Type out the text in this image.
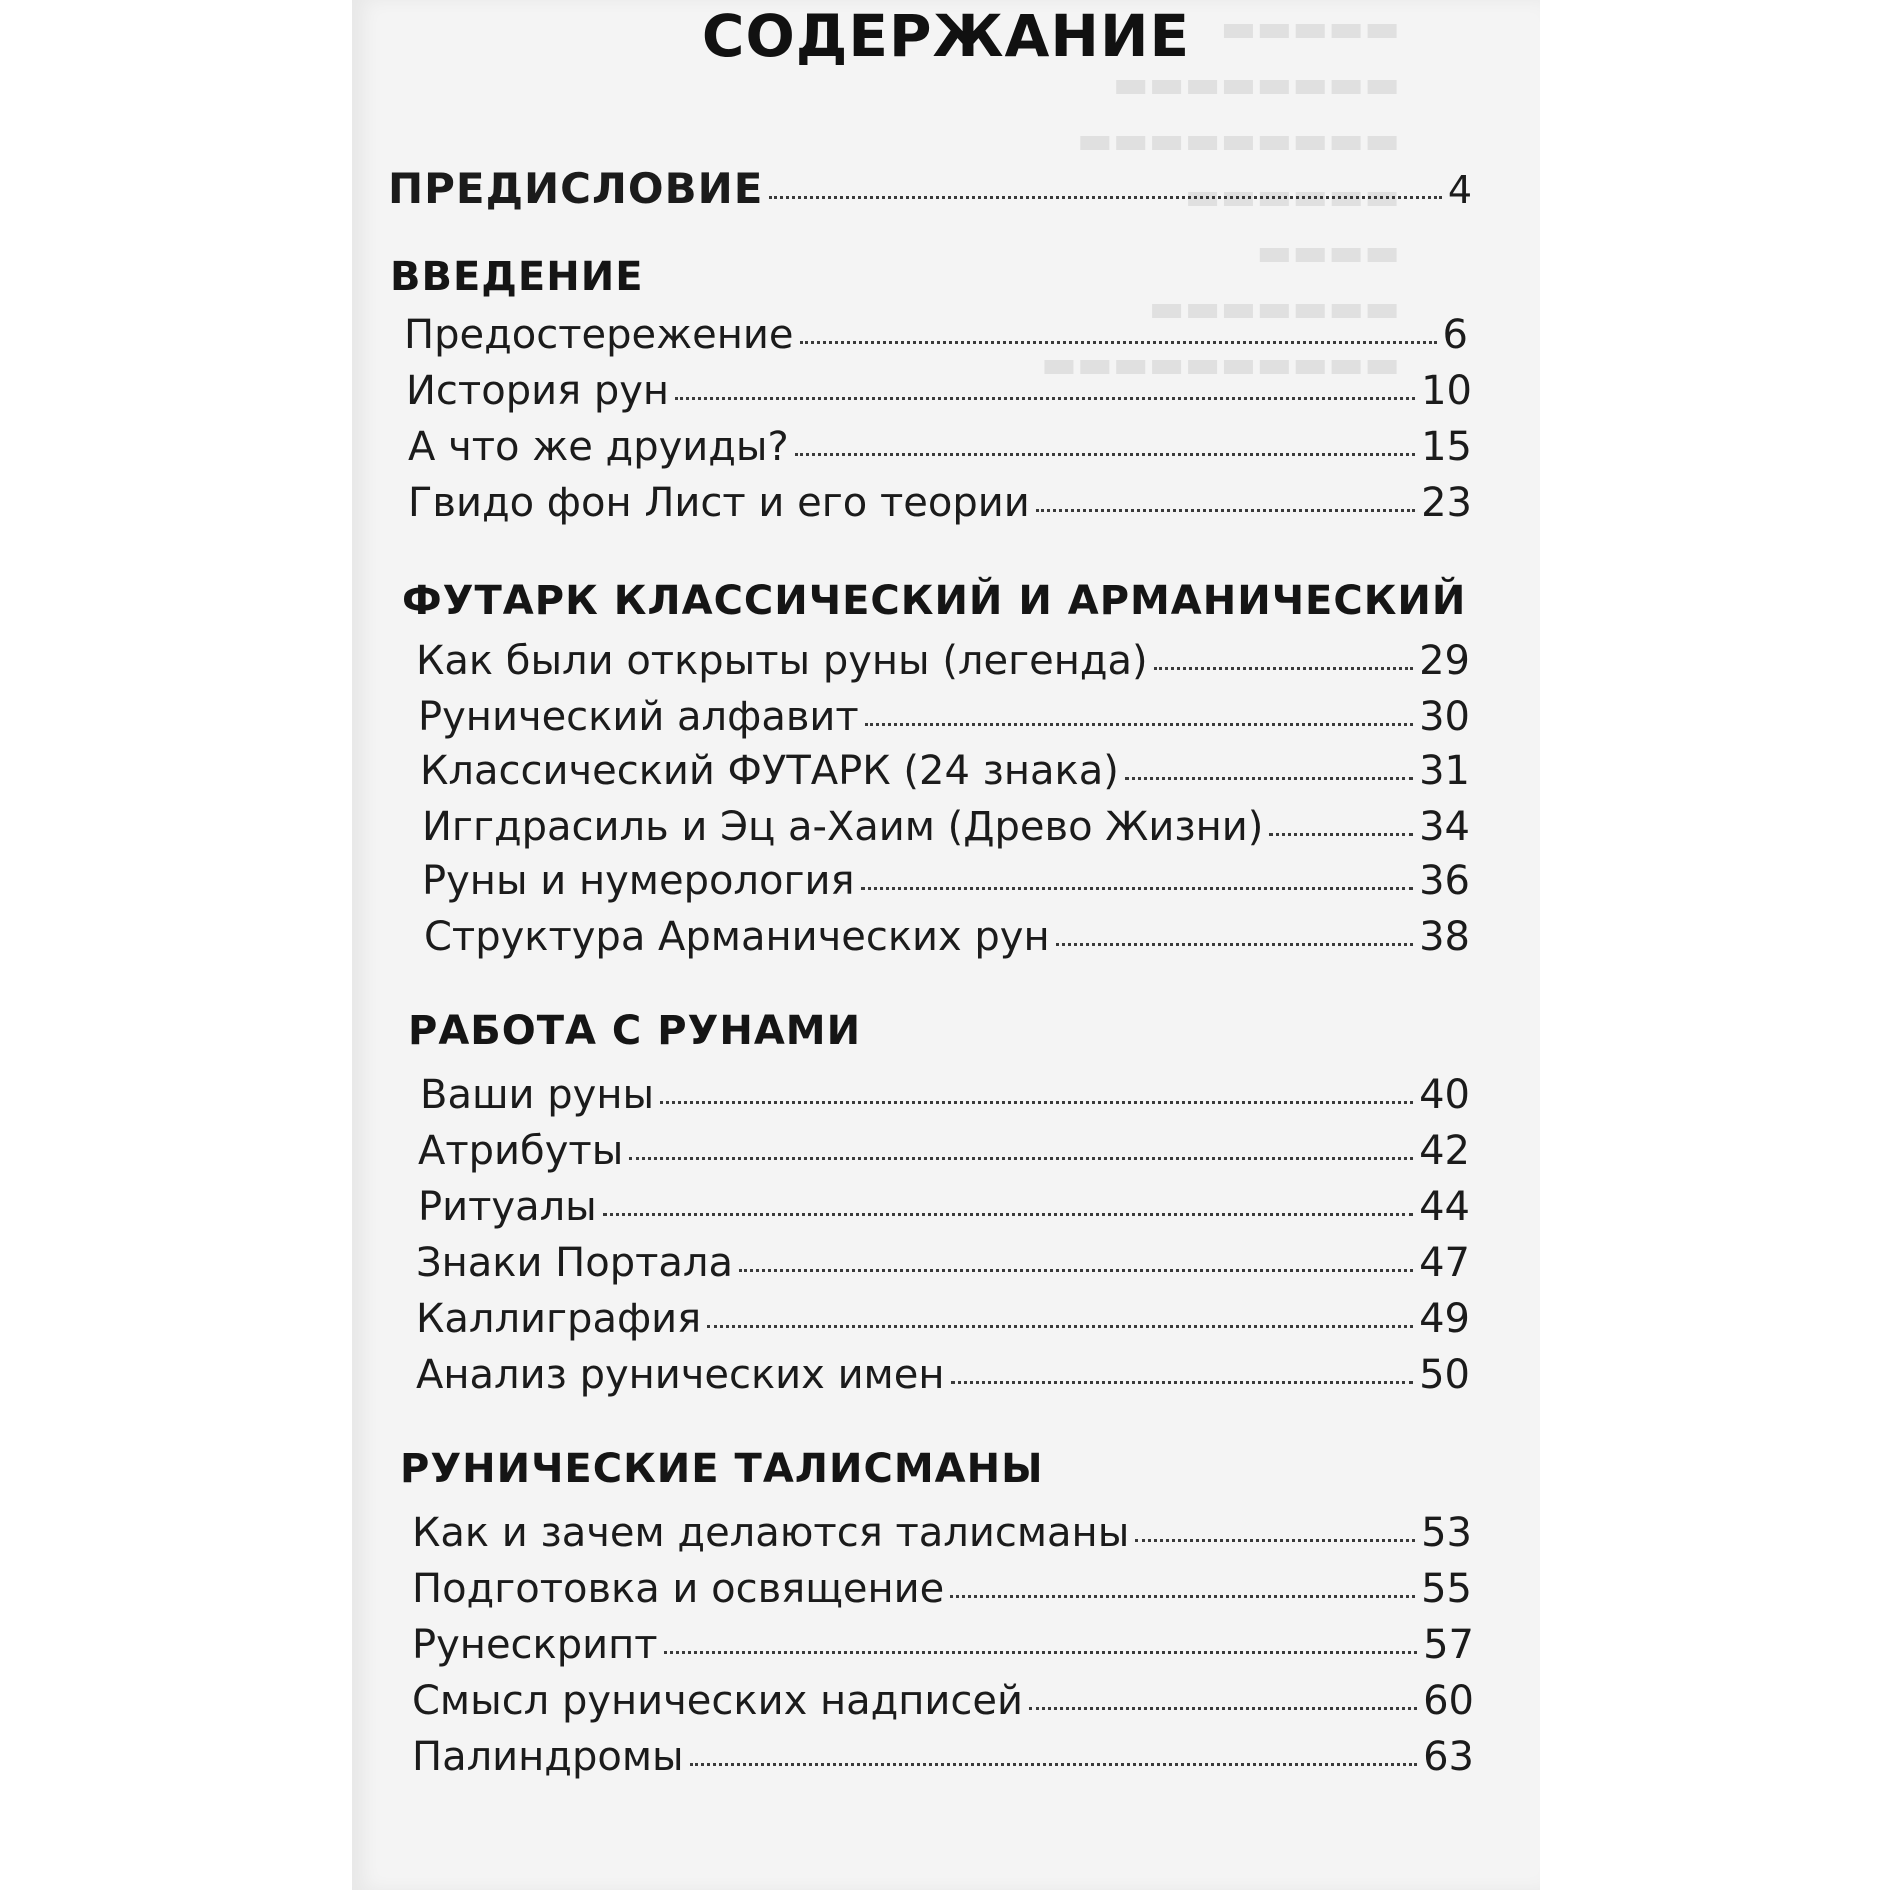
▬▬▬▬▬
▬▬▬▬▬▬▬▬
▬▬▬▬▬▬▬▬▬
▬▬▬▬▬▬
▬▬▬▬
▬▬▬▬▬▬▬
▬▬▬▬▬▬▬▬▬▬
СОДЕРЖАНИЕ
ПРЕДИСЛОВИЕ	4
ВВЕДЕНИЕ
Предостережение	6
История рун	10
А что же друиды?	15
Гвидо фон Лист и его теории	23
ФУТАРК КЛАССИЧЕСКИЙ И АРМАНИЧЕСКИЙ
Как были открыты руны (легенда)	29
Рунический алфавит	30
Классический ФУТАРК (24 знака)	31
Иггдрасиль и Эц а-Хаим (Древо Жизни)	34
Руны и нумерология	36
Структура Арманических рун	38
РАБОТА С РУНАМИ
Ваши руны	40
Атрибуты	42
Ритуалы	44
Знаки Портала	47
Каллиграфия	49
Анализ рунических имен	50
РУНИЧЕСКИЕ ТАЛИСМАНЫ
Как и зачем делаются талисманы	53
Подготовка и освящение	55
Рунескрипт	57
Смысл рунических надписей	60
Палиндромы	63
